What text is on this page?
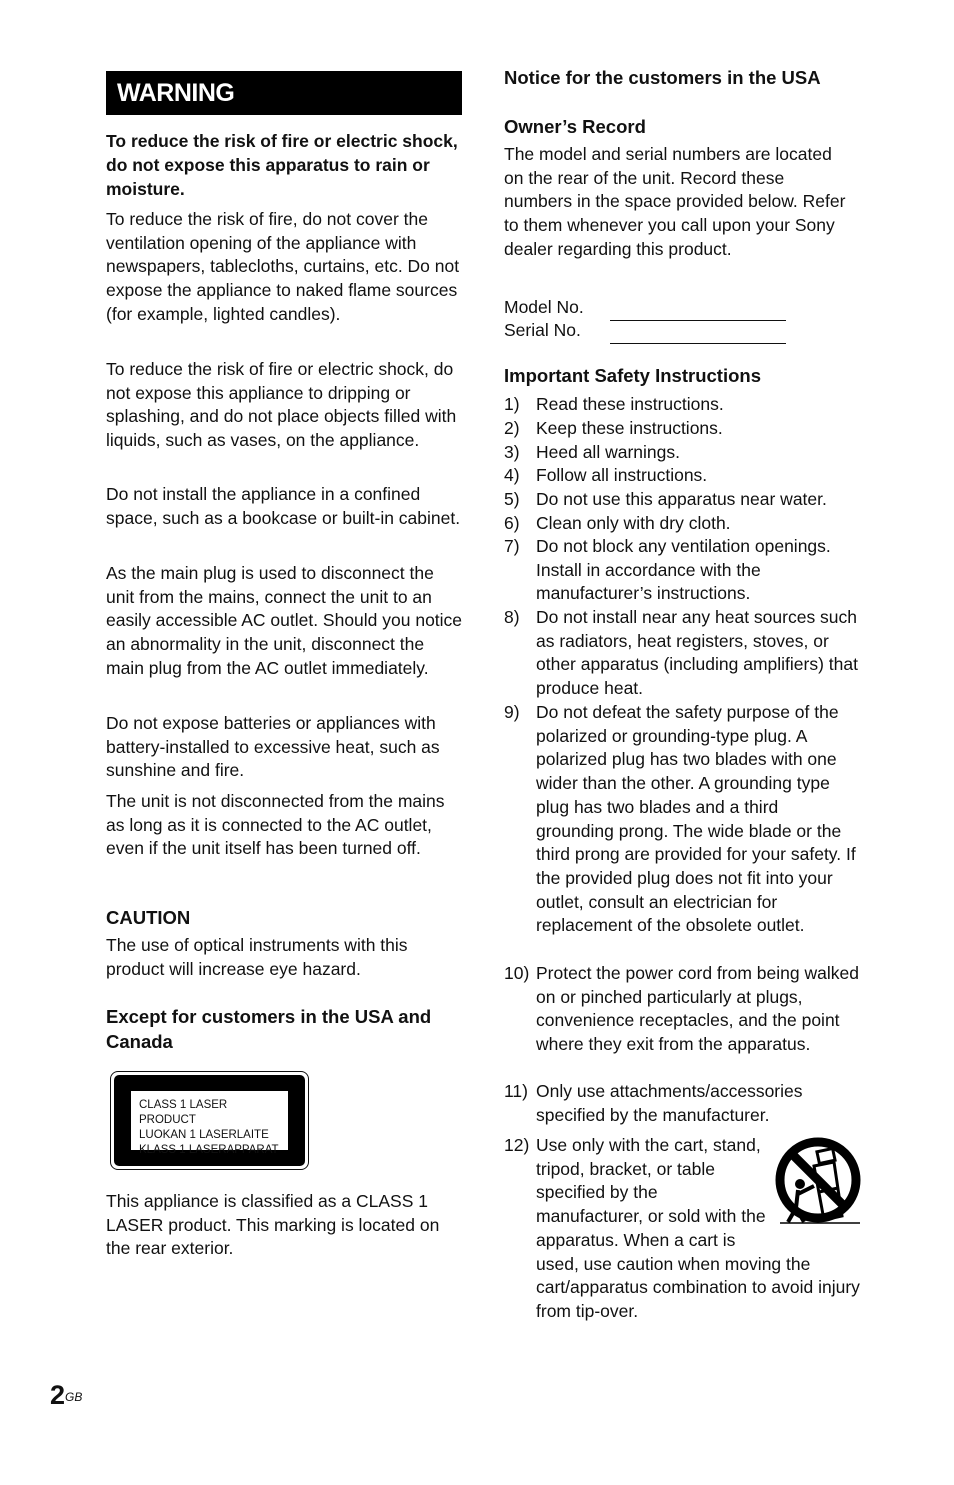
WARNING
To reduce the risk of fire or electric shock, do not expose this apparatus to rain or moisture.
To reduce the risk of fire, do not cover the ventilation opening of the appliance with newspapers, tablecloths, curtains, etc. Do not expose the appliance to naked flame sources (for example, lighted candles).
To reduce the risk of fire or electric shock, do not expose this appliance to dripping or splashing, and do not place objects filled with liquids, such as vases, on the appliance.
Do not install the appliance in a confined space, such as a bookcase or built-in cabinet.
As the main plug is used to disconnect the unit from the mains, connect the unit to an easily accessible AC outlet. Should you notice an abnormality in the unit, disconnect the main plug from the AC outlet immediately.
Do not expose batteries or appliances with battery-installed to excessive heat, such as sunshine and fire.
The unit is not disconnected from the mains as long as it is connected to the AC outlet, even if the unit itself has been turned off.
CAUTION
The use of optical instruments with this product will increase eye hazard.
Except for customers in the USA and Canada
CLASS 1 LASER PRODUCT
LUOKAN 1 LASERLAITE
KLASS 1 LASERAPPARAT
This appliance is classified as a CLASS 1 LASER product. This marking is located on the rear exterior.
Notice for the customers in the USA
Owner’s Record
The model and serial numbers are located on the rear of the unit. Record these numbers in the space provided below. Refer to them whenever you call upon your Sony dealer regarding this product.
Model No.
Serial No.
Important Safety Instructions
1) Read these instructions.
2) Keep these instructions.
3) Heed all warnings.
4) Follow all instructions.
5) Do not use this apparatus near water.
6) Clean only with dry cloth.
7) Do not block any ventilation openings. Install in accordance with the manufacturer’s instructions.
8) Do not install near any heat sources such as radiators, heat registers, stoves, or other apparatus (including amplifiers) that produce heat.
9) Do not defeat the safety purpose of the polarized or grounding-type plug. A polarized plug has two blades with one wider than the other. A grounding type plug has two blades and a third grounding prong. The wide blade or the third prong are provided for your safety. If the provided plug does not fit into your outlet, consult an electrician for replacement of the obsolete outlet.
10) Protect the power cord from being walked on or pinched particularly at plugs, convenience receptacles, and the point where they exit from the apparatus.
11) Only use attachments/accessories specified by the manufacturer.
12) Use only with the cart, stand, tripod, bracket, or table specified by the manufacturer, or sold with the apparatus. When a cart is used, use caution when moving the cart/apparatus combination to avoid injury from tip-over.
$2^{GB}$
